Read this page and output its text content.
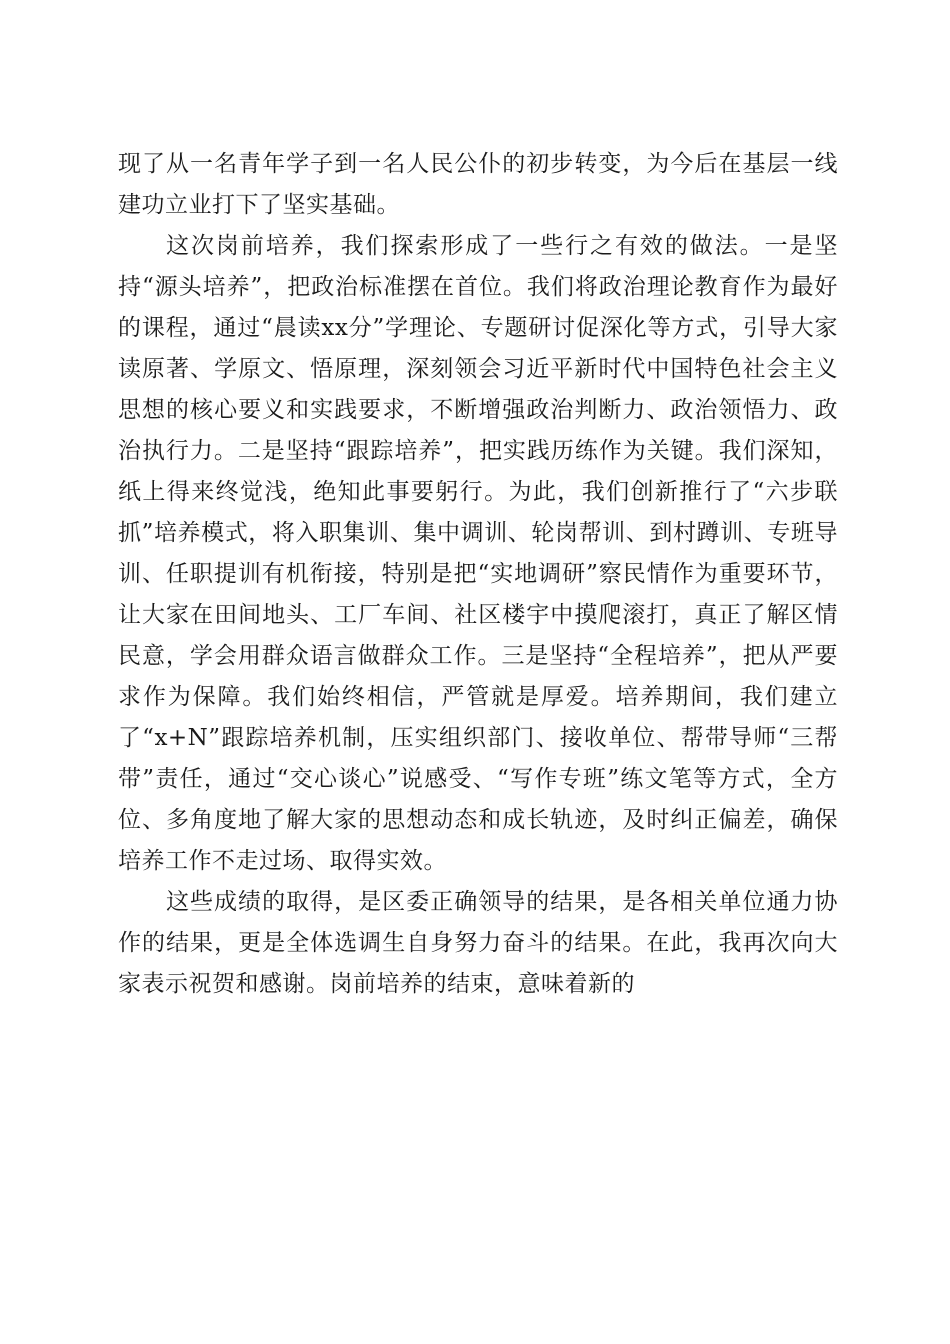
现了从一名青年学子到一名人民公仆的初步转变，为今后在基层一线建功立业打下了坚实基础。

这次岗前培养，我们探索形成了一些行之有效的做法。一是坚持“源头培养”，把政治标准摆在首位。我们将政治理论教育作为最好的课程，通过“晨读xx分”学理论、专题研讨促深化等方式，引导大家读原著、学原文、悟原理，深刻领会习近平新时代中国特色社会主义思想的核心要义和实践要求，不断增强政治判断力、政治领悟力、政治执行力。二是坚持“跟踪培养”，把实践历练作为关键。我们深知，纸上得来终觉浅，绝知此事要躬行。为此，我们创新推行了“六步联抓”培养模式，将入职集训、集中调训、轮岗帮训、到村蹲训、专班导训、任职提训有机衔接，特别是把“实地调研”察民情作为重要环节，让大家在田间地头、工厂车间、社区楼宇中摸爬滚打，真正了解区情民意，学会用群众语言做群众工作。三是坚持“全程培养”，把从严要求作为保障。我们始终相信，严管就是厚爱。培养期间，我们建立了“x+N”跟踪培养机制，压实组织部门、接收单位、帮带导师“三帮带”责任，通过“交心谈心”说感受、“写作专班”练文笔等方式，全方位、多角度地了解大家的思想动态和成长轨迹，及时纠正偏差，确保培养工作不走过场、取得实效。

这些成绩的取得，是区委正确领导的结果，是各相关单位通力协作的结果，更是全体选调生自身努力奋斗的结果。在此，我再次向大家表示祝贺和感谢。岗前培养的结束，意味着新的
